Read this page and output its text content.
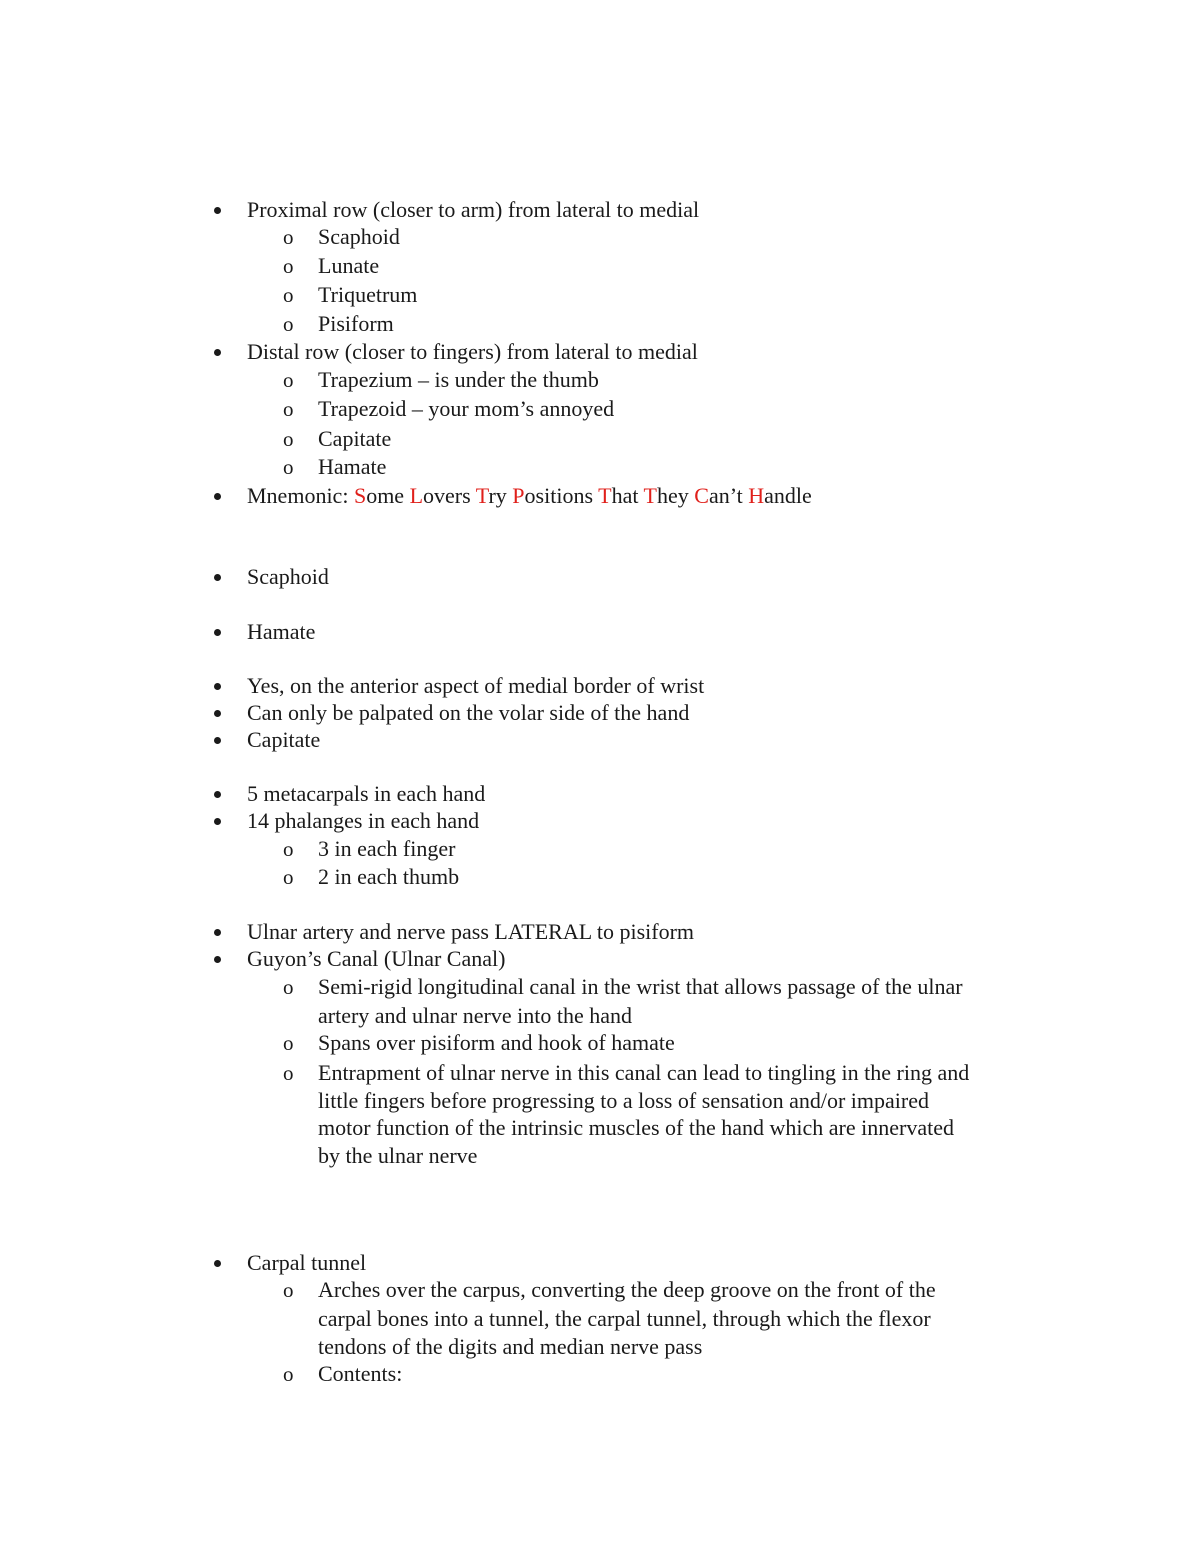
Proximal row (closer to arm) from lateral to medial
o Scaphoid
o Lunate
o Triquetrum
o Pisiform
Distal row (closer to fingers) from lateral to medial
o Trapezium – is under the thumb
o Trapezoid – your mom’s annoyed
o Capitate
o Hamate
Mnemonic: Some Lovers Try Positions That They Can’t Handle
Scaphoid
Hamate
Yes, on the anterior aspect of medial border of wrist
Can only be palpated on the volar side of the hand
Capitate
5 metacarpals in each hand
14 phalanges in each hand
o 3 in each finger
o 2 in each thumb
Ulnar artery and nerve pass LATERAL to pisiform
Guyon’s Canal (Ulnar Canal)
o Semi-rigid longitudinal canal in the wrist that allows passage of the ulnar
artery and ulnar nerve into the hand
o Spans over pisiform and hook of hamate
o Entrapment of ulnar nerve in this canal can lead to tingling in the ring and
little fingers before progressing to a loss of sensation and/or impaired
motor function of the intrinsic muscles of the hand which are innervated
by the ulnar nerve
Carpal tunnel
o Arches over the carpus, converting the deep groove on the front of the
carpal bones into a tunnel, the carpal tunnel, through which the flexor
tendons of the digits and median nerve pass
o Contents:
